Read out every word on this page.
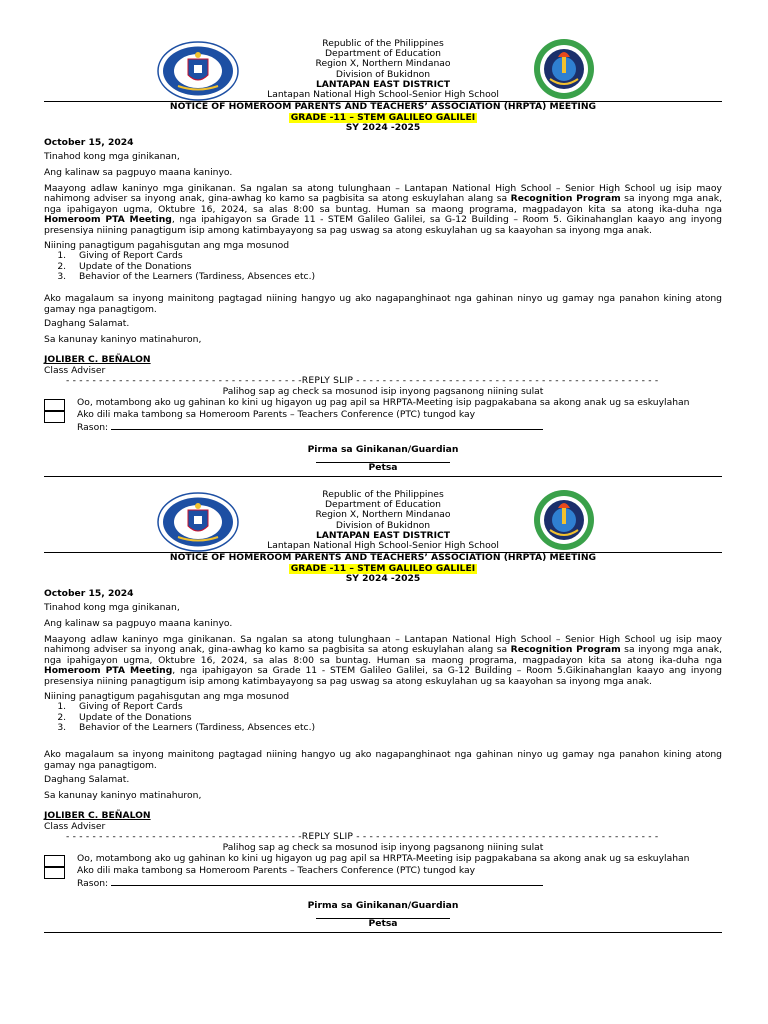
Republic of the Philippines
Department of Education
Region X, Northern Mindanao
Division of Bukidnon
LANTAPAN EAST DISTRICT
Lantapan National High School-Senior High School
NOTICE OF HOMEROOM PARENTS AND TEACHERS’ ASSOCIATION (HRPTA) MEETING
GRADE -11 – STEM GALILEO GALILEI
SY 2024 -2025

October 15, 2024

Tinahod kong mga ginikanan,

Ang kalinaw sa pagpuyo maana kaninyo.

Maayong adlaw kaninyo mga ginikanan. Sa ngalan sa atong tulunghaan – Lantapan National High School – Senior High School ug isip maoy nahimong adviser sa inyong anak, gina-awhag ko kamo sa pagbisita sa atong eskuylahan alang sa Recognition Program sa inyong mga anak, nga ipahigayon ugma, Oktubre 16, 2024, sa alas 8:00 sa buntag. Human sa maong programa, magpadayon kita sa atong ika-duha nga Homeroom PTA Meeting, nga ipahigayon sa Grade 11 - STEM Galileo Galilei, sa G-12 Building – Room 5. Gikinahanglan kaayo ang inyong presensiya niining panagtigum isip among katimbayayong sa pag uswag sa atong eskuylahan ug sa kaayohan sa inyong mga anak.

Niining panagtigum pagahisgutan ang mga mosunod

1. Giving of Report Cards
2. Update of the Donations
3. Behavior of the Learners (Tardiness, Absences etc.)

Ako magalaum sa inyong mainitong pagtagad niining hangyo ug ako nagapanghinaot nga gahinan ninyo ug gamay nga panahon kining atong gamay nga panagtigom.

Daghang Salamat.

Sa kanunay kaninyo matinahuron,

JOLIBER C. BEÑALON

Class Adviser

- - - - - - - - - - - - - - - - - - - - - - - - - - - - - - - - - - - -REPLY SLIP - - - - - - - - - - - - - - - - - - - - - - - - - - - - - - - - - - - - - - - - - - - - - -
Palihog sap ag check sa mosunod isip inyong pagsanong niining sulat
Oo, motambong ako ug gahinan ko kini ug higayon ug pag apil sa HRPTA-Meeting isip pagpakabana sa akong anak ug sa eskuylahan
Ako dili maka tambong sa Homeroom Parents – Teachers Conference (PTC) tungod kay
Rason:
Pirma sa Ginikanan/Guardian
Petsa
Republic of the Philippines
Department of Education
Region X, Northern Mindanao
Division of Bukidnon
LANTAPAN EAST DISTRICT
Lantapan National High School-Senior High School
NOTICE OF HOMEROOM PARENTS AND TEACHERS’ ASSOCIATION (HRPTA) MEETING
GRADE -11 – STEM GALILEO GALILEI
SY 2024 -2025

October 15, 2024

Tinahod kong mga ginikanan,

Ang kalinaw sa pagpuyo maana kaninyo.

Maayong adlaw kaninyo mga ginikanan. Sa ngalan sa atong tulunghaan – Lantapan National High School – Senior High School ug isip maoy nahimong adviser sa inyong anak, gina-awhag ko kamo sa pagbisita sa atong eskuylahan alang sa Recognition Program sa inyong mga anak, nga ipahigayon ugma, Oktubre 16, 2024, sa alas 8:00 sa buntag. Human sa maong programa, magpadayon kita sa atong ika-duha nga Homeroom PTA Meeting, nga ipahigayon sa Grade 11 - STEM Galileo Galilei, sa G-12 Building – Room 5.Gikinahanglan kaayo ang inyong presensiya niining panagtigum isip among katimbayayong sa pag uswag sa atong eskuylahan ug sa kaayohan sa inyong mga anak.

Niining panagtigum pagahisgutan ang mga mosunod

1. Giving of Report Cards
2. Update of the Donations
3. Behavior of the Learners (Tardiness, Absences etc.)

Ako magalaum sa inyong mainitong pagtagad niining hangyo ug ako nagapanghinaot nga gahinan ninyo ug gamay nga panahon kining atong gamay nga panagtigom.

Daghang Salamat.

Sa kanunay kaninyo matinahuron,

JOLIBER C. BEÑALON

Class Adviser

- - - - - - - - - - - - - - - - - - - - - - - - - - - - - - - - - - - -REPLY SLIP - - - - - - - - - - - - - - - - - - - - - - - - - - - - - - - - - - - - - - - - - - - - - -
Palihog sap ag check sa mosunod isip inyong pagsanong niining sulat
Oo, motambong ako ug gahinan ko kini ug higayon ug pag apil sa HRPTA-Meeting isip pagpakabana sa akong anak ug sa eskuylahan
Ako dili maka tambong sa Homeroom Parents – Teachers Conference (PTC) tungod kay
Rason:
Pirma sa Ginikanan/Guardian
Petsa
